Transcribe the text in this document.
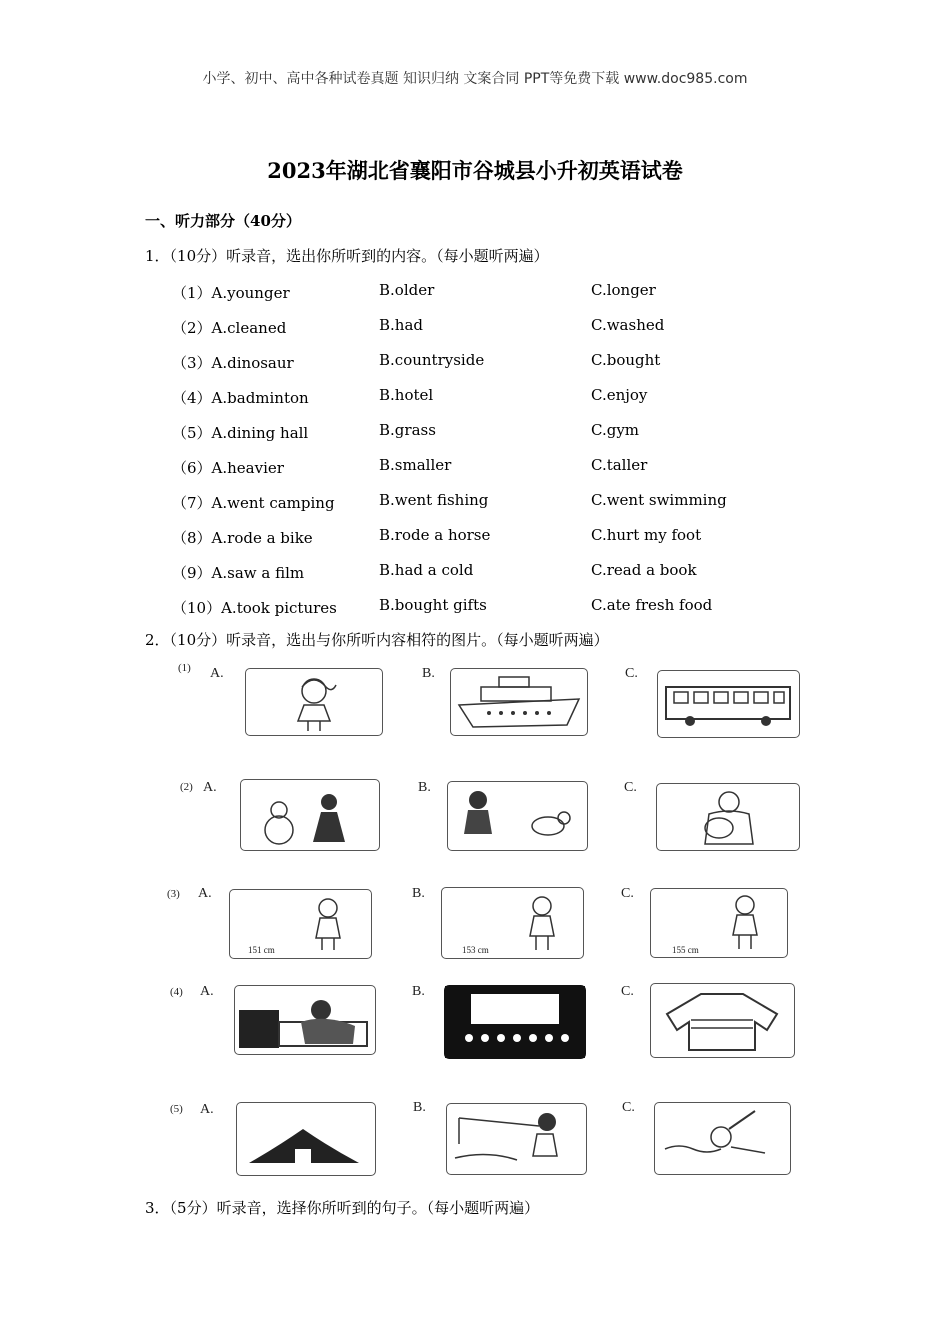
小学、初中、高中各种试卷真题 知识归纳 文案合同 PPT等免费下载 www.doc985.com
2023年湖北省襄阳市谷城县小升初英语试卷
一、听力部分（40分）
1．（10分）听录音，选出你所听到的内容。（每小题听两遍）
（1）A.younger	B.older	C.longer
（2）A.cleaned	B.had	C.washed
（3）A.dinosaur	B.countryside	C.bought
（4）A.badminton	B.hotel	C.enjoy
（5）A.dining hall	B.grass	C.gym
（6）A.heavier	B.smaller	C.taller
（7）A.went camping	B.went fishing	C.went swimming
（8）A.rode a bike	B.rode a horse	C.hurt my foot
（9）A.saw a film	B.had a cold	C.read a book
（10）A.took pictures	B.bought gifts	C.ate fresh food
2．（10分）听录音，选出与你所听内容相符的图片。（每小题听两遍）
(1) A.	B.	C.
(2) A.	B.	C.
(3) A.
151 cm
B.
153 cm
C.
155 cm
(4) A.	B.	C.
(5) A.	B.	C.
3．（5分）听录音，选择你所听到的句子。（每小题听两遍）
